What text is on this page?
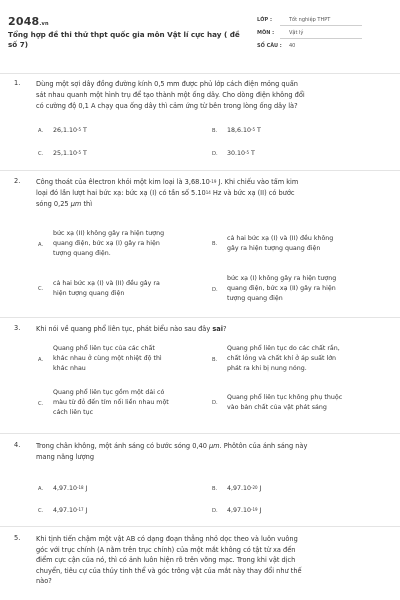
2048.vn
Tổng hợp đề thi thử thpt quốc gia môn Vật lí cực hay ( đề
số 7)
LỚP :	Tốt nghiệp THPT
MÔN :	Vật lý
SỐ CÂU : 40
1. Dùng một sợi dây đồng đường kính 0,5 mm được phủ lớp cách điện mỏng quấn
sát nhau quanh một hình trụ để tạo thành một ống dây. Cho dòng điện không đổi
có cường độ 0,1 A chạy qua ống dây thì cảm ứng từ bên trong lòng ống dây là?
A. $26,1.10^{-5}$ T	B. $18,6.10^{-5}$ T
C. $25,1.10^{-5}$ T	D. $30.10^{-5}$ T
2. Công thoát của êlectron khỏi một kim loại là $3,68.10^{-19}$ J. Khi chiếu vào tấm kim
loại đó lần lượt hai bức xạ: bức xạ (I) có tần số 5.10$^{14}$ Hz và bức xạ (II) có bước
sóng 0,25 μm thì
A.
bức xạ (II) không gây ra hiện tượng
quang điện, bức xạ (I) gây ra hiện
tượng quang điện.
B.
cả hai bức xạ (I) và (II) đều không
gây ra hiện tượng quang điện
C.
cả hai bức xạ (I) và (II) đều gây ra
hiện tượng quang điện	D.
bức xạ (I) không gây ra hiện tượng
quang điện, bức xạ (II) gây ra hiện
tượng quang điện
3. Khi nói về quang phổ liên tục, phát biểu nào sau đây sai?
A.
Quang phổ liên tục của các chất
khác nhau ở cùng một nhiệt độ thì
khác nhau
B.
Quang phổ liên tục do các chất rắn,
chất lỏng và chất khí ở áp suất lớn
phát ra khi bị nung nóng.
C.
Quang phổ liên tục gồm một dải có
màu từ đỏ đến tím nối liền nhau một
cách liên tục
D.
Quang phổ liên tục không phụ thuộc
vào bản chất của vật phát sáng
4. Trong chân không, một ánh sáng có bước sóng 0,40 μm. Phôtôn của ánh sáng này
mang năng lượng
A. $4,97.10^{-18}$ J	B. $4,97.10^{-20}$ J
C. $4,97.10^{-17}$ J	D. $4,97.10^{-19}$ J
5. Khi tịnh tiến chậm một vật AB có dạng đoạn thẳng nhỏ dọc theo và luôn vuông
góc với trục chính (A nằm trên trục chính) của một mắt không có tật từ xa đến
điểm cực cận của nó, thì có ảnh luôn hiện rõ trên võng mạc. Trong khi vật dịch
chuyển, tiêu cự của thủy tinh thể và góc trông vật của mắt này thay đổi như thế
nào?
